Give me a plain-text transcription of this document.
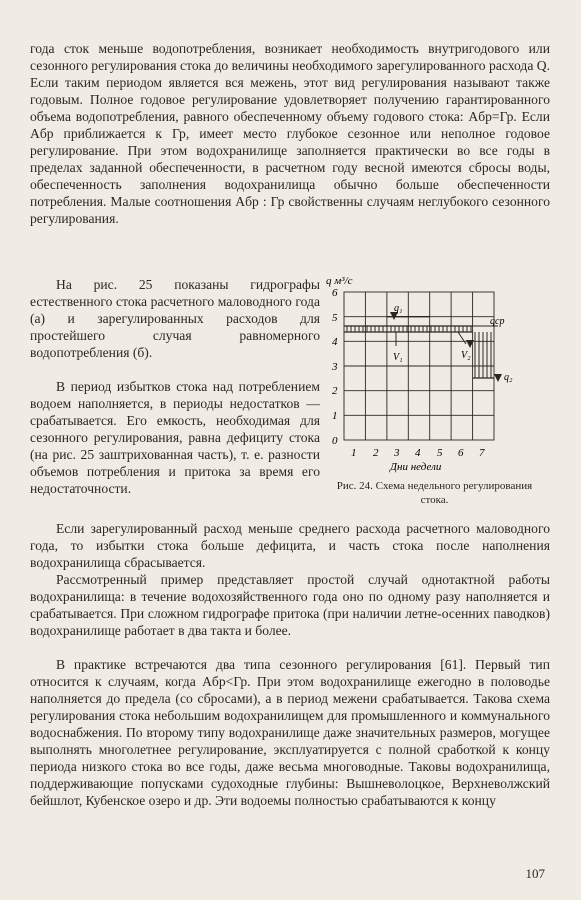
года сток меньше водопотребления, возникает необходимость внутригодового или сезонного регулирования стока до величины необходимого зарегулированного расхода Q. Если таким периодом является вся межень, этот вид регулирования называют также годовым. Полное годовое регулирование удовлетворяет получению гарантированного объема водопотребления, равного обеспеченному объему годового стока: Aбр=Гр. Если Aбр приближается к Гр, имеет место глубокое сезонное или неполное годовое регулирование. При этом водохранилище заполняется практически во все годы в пределах заданной обеспеченности, в расчетном году весной имеются сбросы воды, обеспеченность заполнения водохранилища обычно больше обеспеченности потребления. Малые соотношения Aбр : Гр свойственны случаям неглубокого сезонного регулирования.

На рис. 25 показаны гидрографы естественного стока расчетного маловодного года (а) и зарегулированных расходов для простейшего случая равномерного водопотребления (б).

В период избытков стока над потреблением водоем наполняется, в периоды недостатков — срабатывается. Его емкость, необходимая для сезонного регулирования, равна дефициту стока (на рис. 25 заштрихованная часть), т. е. разности объемов потребления и притока за время его недостаточности.

q м³/с
q₁
qср
V₁	V₂
q₂
0
1
2
3
4
5
6
1 2 3 4 5 6 7
Дни недели

Рис. 24. Схема недельного регулирования стока.

Если зарегулированный расход меньше среднего расхода расчетного маловодного года, то избытки стока больше дефицита, и часть стока после наполнения водохранилища сбрасывается.

Рассмотренный пример представляет простой случай однотактной работы водохранилища: в течение водохозяйственного года оно по одному разу наполняется и срабатывается. При сложном гидрографе притока (при наличии летне-осенних паводков) водохранилище работает в два такта и более.

В практике встречаются два типа сезонного регулирования [61]. Первый тип относится к случаям, когда Aбр<Гр. При этом водохранилище ежегодно в половодье наполняется до предела (со сбросами), а в период межени срабатывается. Такова схема регулирования стока небольшим водохранилищем для промышленного и коммунального водоснабжения. По второму типу водохранилище даже значительных размеров, могущее выполнять многолетнее регулирование, эксплуатируется с полной сработкой к концу периода низкого стока во все годы, даже весьма многоводные. Таковы водохранилища, поддерживающие попусками судоходные глубины: Вышневолоцкое, Верхневолжский бейшлот, Кубенское озеро и др. Эти водоемы полностью срабатываются к концу

107
